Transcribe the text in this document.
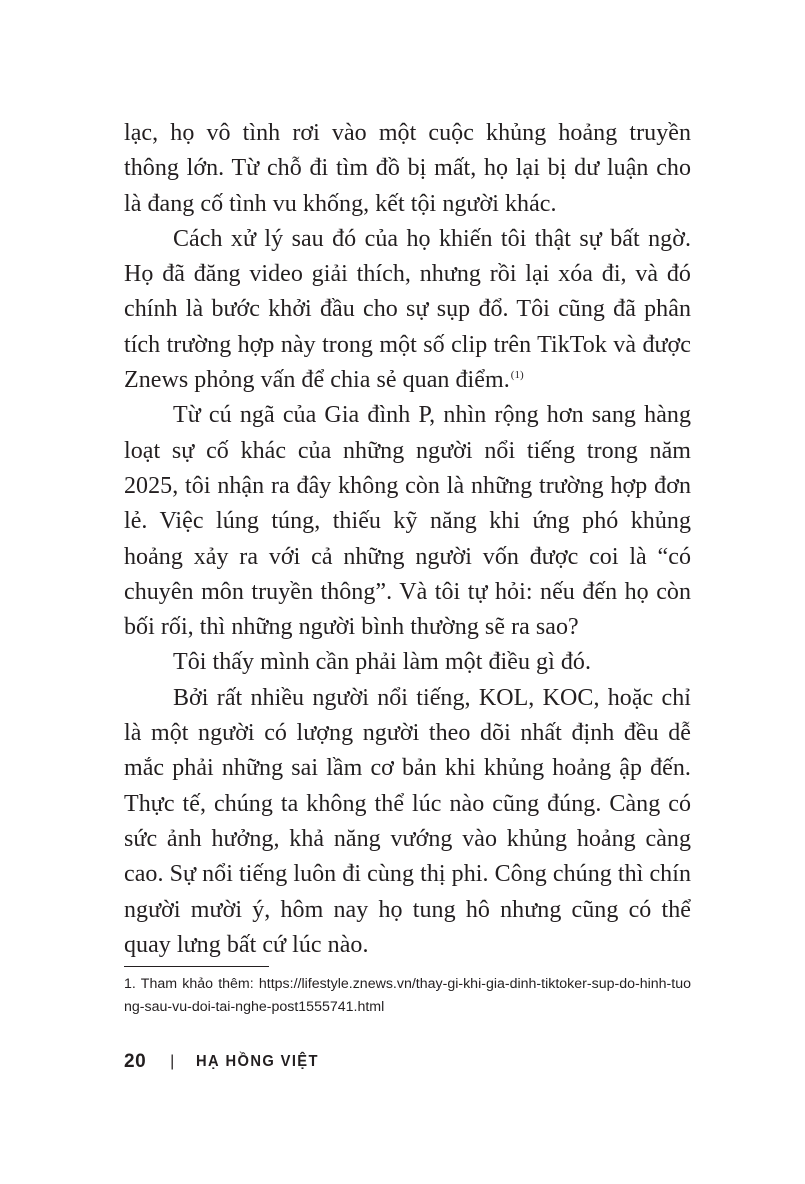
lạc, họ vô tình rơi vào một cuộc khủng hoảng truyền thông lớn. Từ chỗ đi tìm đồ bị mất, họ lại bị dư luận cho là đang cố tình vu khống, kết tội người khác.

Cách xử lý sau đó của họ khiến tôi thật sự bất ngờ. Họ đã đăng video giải thích, nhưng rồi lại xóa đi, và đó chính là bước khởi đầu cho sự sụp đổ. Tôi cũng đã phân tích trường hợp này trong một số clip trên TikTok và được Znews phỏng vấn để chia sẻ quan điểm.$^{(1)}$

Từ cú ngã của Gia đình P, nhìn rộng hơn sang hàng loạt sự cố khác của những người nổi tiếng trong năm 2025, tôi nhận ra đây không còn là những trường hợp đơn lẻ. Việc lúng túng, thiếu kỹ năng khi ứng phó khủng hoảng xảy ra với cả những người vốn được coi là “có chuyên môn truyền thông”. Và tôi tự hỏi: nếu đến họ còn bối rối, thì những người bình thường sẽ ra sao?

Tôi thấy mình cần phải làm một điều gì đó.

Bởi rất nhiều người nổi tiếng, KOL, KOC, hoặc chỉ là một người có lượng người theo dõi nhất định đều dễ mắc phải những sai lầm cơ bản khi khủng hoảng ập đến. Thực tế, chúng ta không thể lúc nào cũng đúng. Càng có sức ảnh hưởng, khả năng vướng vào khủng hoảng càng cao. Sự nổi tiếng luôn đi cùng thị phi. Công chúng thì chín người mười ý, hôm nay họ tung hô nhưng cũng có thể quay lưng bất cứ lúc nào.

1. Tham khảo thêm: https://lifestyle.znews.vn/thay-gi-khi-gia-dinh-tiktoker-sup-do-hinh-tuong-sau-vu-doi-tai-nghe-post1555741.html
20 | HẠ HỒNG VIỆT
